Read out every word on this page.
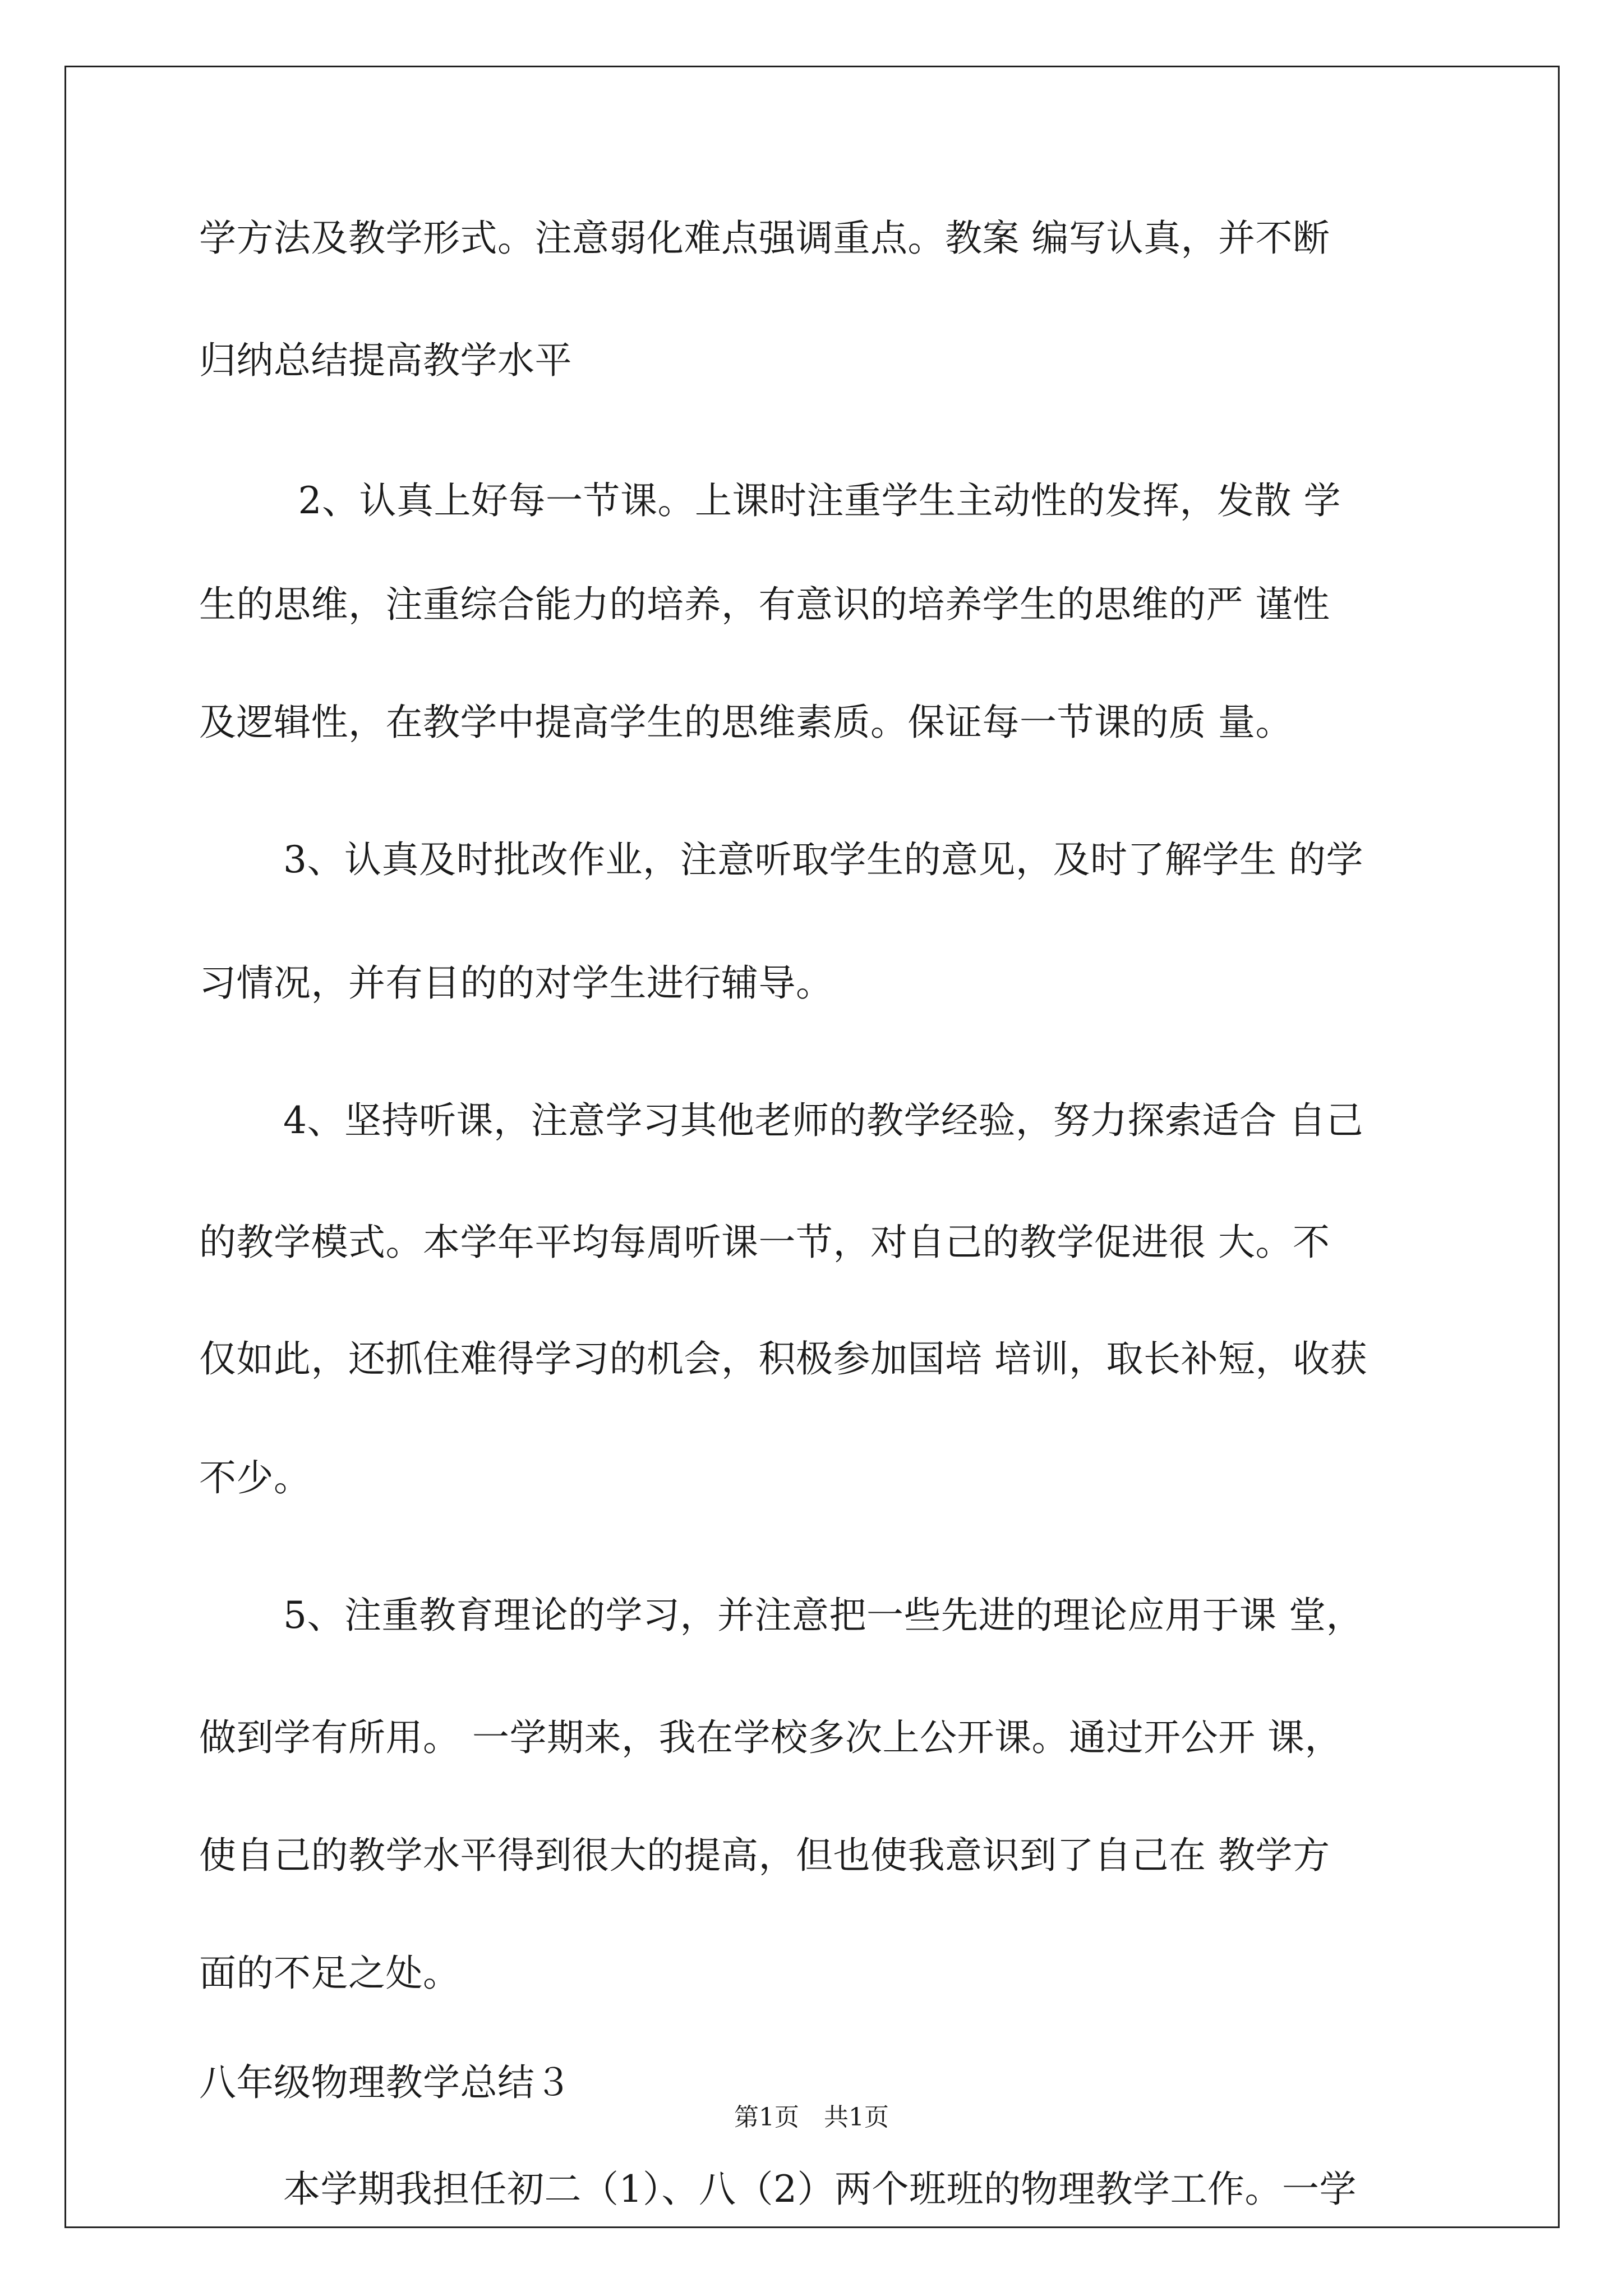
学方法及教学形式。注意弱化难点强调重点。教案 编写认真，并不断
归纳总结提高教学水平
2、认真上好每一节课。上课时注重学生主动性的发挥，发散 学
生的思维，注重综合能力的培养，有意识的培养学生的思维的严 谨性
及逻辑性，在教学中提高学生的思维素质。保证每一节课的质 量。
3、认真及时批改作业，注意听取学生的意见，及时了解学生 的学
习情况，并有目的的对学生进行辅导。
4、坚持听课，注意学习其他老师的教学经验，努力探索适合 自己
的教学模式。本学年平均每周听课一节，对自己的教学促进很 大。不
仅如此，还抓住难得学习的机会，积极参加国培 培训，取长补短，收获
不少。
5、注重教育理论的学习，并注意把一些先进的理论应用于课 堂，
做到学有所用。 一学期来，我在学校多次上公开课。通过开公开 课，
使自己的教学水平得到很大的提高，但也使我意识到了自己在 教学方
面的不足之处。
八年级物理教学总结３
本学期我担任初二（1）、八（2）两个班班的物理教学工作。一学
第1页　共1页
